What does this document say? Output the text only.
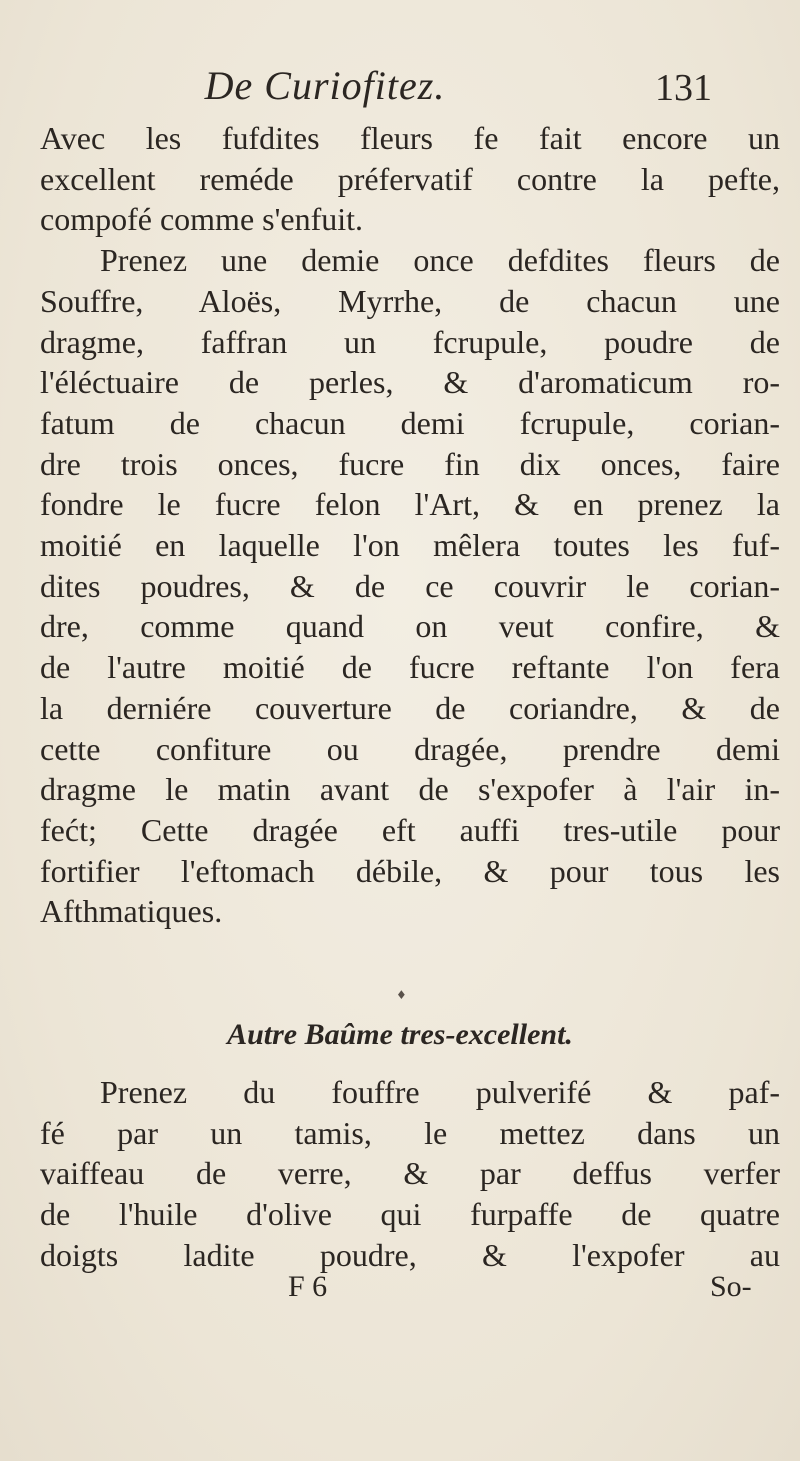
De Curiofitez.	131
Avec les fufdites fleurs fe fait encore un
excellent reméde préfervatif contre la pefte,
compofé comme s'enfuit.
Prenez une demie once defdites fleurs de
Souffre, Aloës, Myrrhe, de chacun une
dragme, faffran un fcrupule, poudre de
l'éléctuaire de perles, & d'aromaticum ro-
fatum de chacun demi fcrupule, corian-
dre trois onces, fucre fin dix onces, faire
fondre le fucre felon l'Art, & en prenez la
moitié en laquelle l'on mêlera toutes les fuf-
dites poudres, & de ce couvrir le corian-
dre, comme quand on veut confire, &
de l'autre moitié de fucre reftante l'on fera
la derniére couverture de coriandre, & de
cette confiture ou dragée, prendre demi
dragme le matin avant de s'expofer à l'air in-
fećt; Cette dragée eft auffi tres-utile pour
fortifier l'eftomach débile, & pour tous les
Afthmatiques.
♦
Autre Baûme tres-excellent.
Prenez du fouffre pulverifé & paf-
fé par un tamis, le mettez dans un
vaiffeau de verre, & par deffus verfer
de l'huile d'olive qui furpaffe de quatre
doigts ladite poudre, & l'expofer au
F 6	So-
